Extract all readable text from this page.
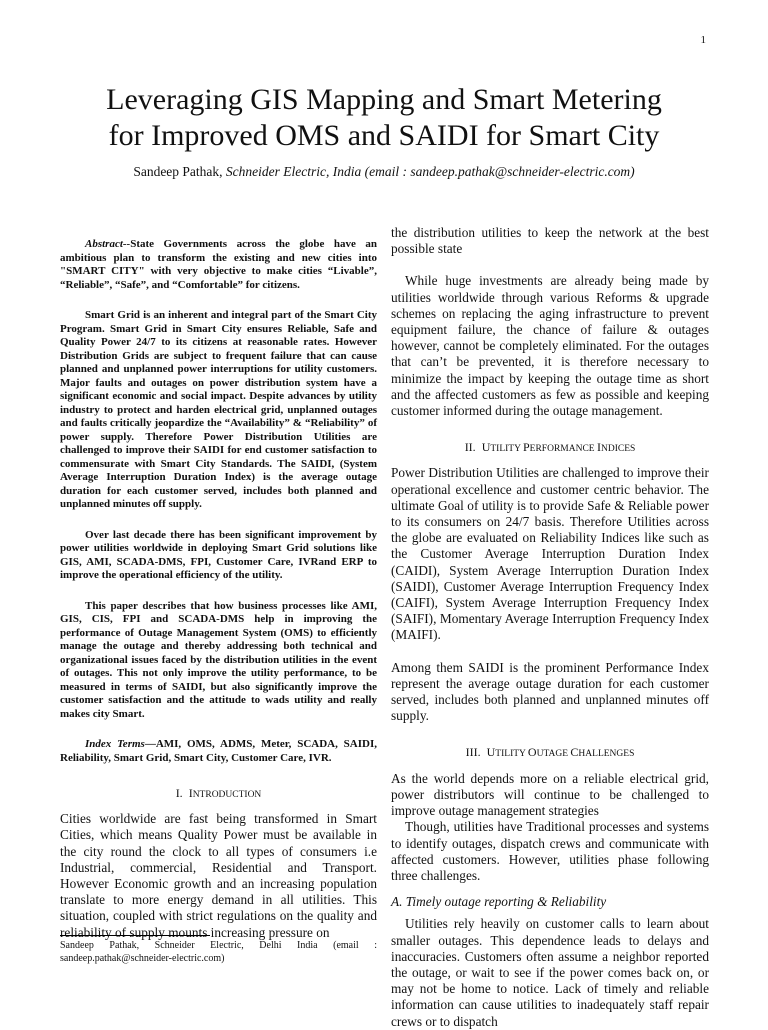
1
Leveraging GIS Mapping and Smart Metering
for Improved OMS and SAIDI for Smart City
Sandeep Pathak, Schneider Electric, India (email : sandeep.pathak@schneider-electric.com)

Abstract--State Governments across the globe have an ambitious plan to transform the existing and new cities into "SMART CITY" with very objective to make cities “Livable”, “Reliable”, “Safe”, and “Comfortable” for citizens.

Smart Grid is an inherent and integral part of the Smart City Program. Smart Grid in Smart City ensures Reliable, Safe and Quality Power 24/7 to its citizens at reasonable rates. However Distribution Grids are subject to frequent failure that can cause planned and unplanned power interruptions for utility customers. Major faults and outages on power distribution system have a significant economic and social impact. Despite advances by utility industry to protect and harden electrical grid, unplanned outages and faults critically jeopardize the “Availability” & “Reliability” of power supply. Therefore Power Distribution Utilities are challenged to improve their SAIDI for end customer satisfaction to commensurate with Smart City Standards. The SAIDI, (System Average Interruption Duration Index) is the average outage duration for each customer served, includes both planned and unplanned minutes off supply.

Over last decade there has been significant improvement by power utilities worldwide in deploying Smart Grid solutions like GIS, AMI, SCADA-DMS, FPI, Customer Care, IVRand ERP to improve the operational efficiency of the utility.

This paper describes that how business processes like AMI, GIS, CIS, FPI and SCADA-DMS help in improving the performance of Outage Management System (OMS) to efficiently manage the outage and thereby addressing both technical and organizational issues faced by the distribution utilities in the event of outages. This not only improve the utility performance, to be measured in terms of SAIDI, but also significantly improve the customer satisfaction and the attitude to wads utility and really makes city Smart.

Index Terms—AMI, OMS, ADMS, Meter, SCADA, SAIDI, Reliability, Smart Grid, Smart City, Customer Care, IVR.

I. INTRODUCTION

Cities worldwide are fast being transformed in Smart Cities, which means Quality Power must be available in the city round the clock to all types of consumers i.e Industrial, commercial, Residential and Transport. However Economic growth and an increasing population translate to more energy demand in all utilities. This situation, coupled with strict regulations on the quality and reliability of supply mounts increasing pressure on

Sandeep Pathak, Schneider Electric, Delhi India (email : sandeep.pathak@schneider-electric.com)

the distribution utilities to keep the network at the best possible state

While huge investments are already being made by utilities worldwide through various Reforms & upgrade schemes on replacing the aging infrastructure to prevent equipment failure, the chance of failure & outages however, cannot be completely eliminated. For the outages that can’t be prevented, it is therefore necessary to minimize the impact by keeping the outage time as short and the affected customers as few as possible and keeping customer informed during the outage management.

II. UTILITY PERFORMANCE INDICES

Power Distribution Utilities are challenged to improve their operational excellence and customer centric behavior. The ultimate Goal of utility is to provide Safe & Reliable power to its consumers on 24/7 basis. Therefore Utilities across the globe are evaluated on Reliability Indices like such as the Customer Average Interruption Duration Index (CAIDI), System Average Interruption Duration Index (SAIDI), Customer Average Interruption Frequency Index (CAIFI), System Average Interruption Frequency Index (SAIFI), Momentary Average Interruption Frequency Index (MAIFI).

Among them SAIDI is the prominent Performance Index represent the average outage duration for each customer served, includes both planned and unplanned minutes off supply.

III. UTILITY OUTAGE CHALLENGES

As the world depends more on a reliable electrical grid, power distributors will continue to be challenged to improve outage management strategies

Though, utilities have Traditional processes and systems to identify outages, dispatch crews and communicate with affected customers. However, utilities phase following three challenges.

A. Timely outage reporting & Reliability

Utilities rely heavily on customer calls to learn about smaller outages. This dependence leads to delays and inaccuracies. Customers often assume a neighbor reported the outage, or wait to see if the power comes back on, or may not be home to notice. Lack of timely and reliable information can cause utilities to inadequately staff repair crews or to dispatch
